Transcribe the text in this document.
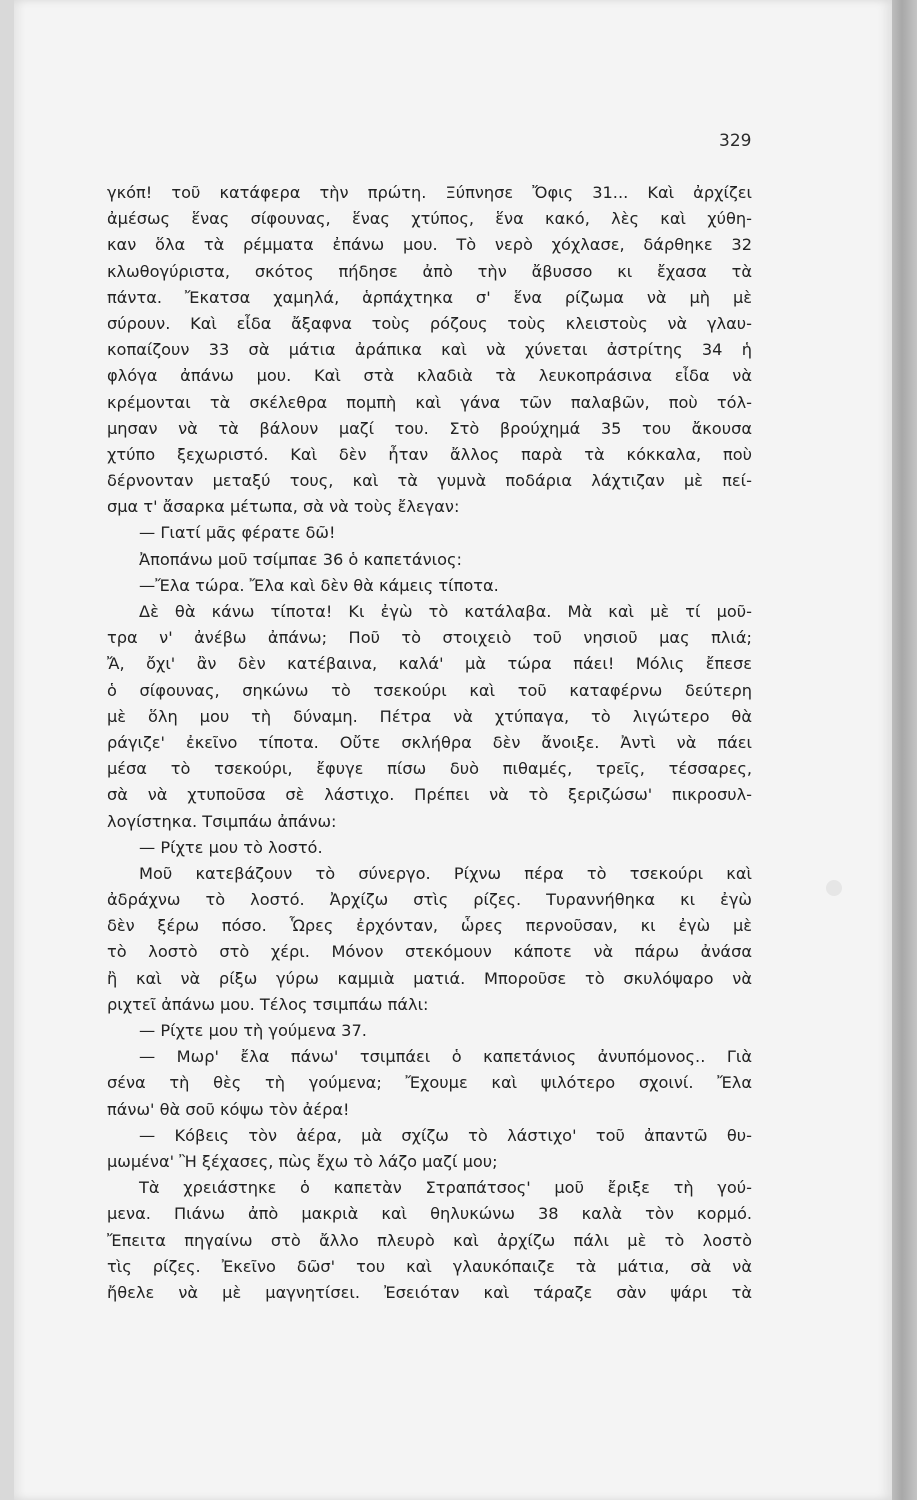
329
γκόπ! τοῦ κατάφερα τὴν πρώτη. Ξύπνησε Ὄφις 31... Καὶ ἀρχίζει
ἀμέσως ἕνας σίφουνας, ἕνας χτύπος, ἕνα κακό, λὲς καὶ χύθη-
καν ὅλα τὰ ρέμματα ἐπάνω μου. Τὸ νερὸ χόχλασε, δάρθηκε 32
κλωθογύριστα, σκότος πήδησε ἀπὸ τὴν ἄβυσσο κι ἔχασα τὰ
πάντα. Ἔκατσα χαμηλά, ἁρπάχτηκα σ' ἕνα ρίζωμα νὰ μὴ μὲ
σύρουν. Καὶ εἶδα ἄξαφνα τοὺς ρόζους τοὺς κλειστοὺς νὰ γλαυ-
κοπαίζουν 33 σὰ μάτια ἀράπικα καὶ νὰ χύνεται ἀστρίτης 34 ἡ
φλόγα ἀπάνω μου. Καὶ στὰ κλαδιὰ τὰ λευκοπράσινα εἶδα νὰ
κρέμονται τὰ σκέλεθρα πομπὴ καὶ γάνα τῶν παλαβῶν, ποὺ τόλ-
μησαν νὰ τὰ βάλουν μαζί του. Στὸ βρούχημά 35 του ἄκουσα
χτύπο ξεχωριστό. Καὶ δὲν ἦταν ἄλλος παρὰ τὰ κόκκαλα, ποὺ
δέρνονταν μεταξύ τους, καὶ τὰ γυμνὰ ποδάρια λάχτιζαν μὲ πεί-
σμα τ' ἄσαρκα μέτωπα, σὰ νὰ τοὺς ἔλεγαν:
— Γιατί μᾶς φέρατε δῶ!
Ἀποπάνω μοῦ τσίμπαε 36 ὁ καπετάνιος:
—Ἔλα τώρα. Ἔλα καὶ δὲν θὰ κάμεις τίποτα.
Δὲ θὰ κάνω τίποτα! Κι ἐγὼ τὸ κατάλαβα. Μὰ καὶ μὲ τί μοῦ-
τρα ν' ἀνέβω ἀπάνω; Ποῦ τὸ στοιχειὸ τοῦ νησιοῦ μας πλιά;
Ἄ, ὄχι' ἂν δὲν κατέβαινα, καλά' μὰ τώρα πάει! Μόλις ἔπεσε
ὁ σίφουνας, σηκώνω τὸ τσεκούρι καὶ τοῦ καταφέρνω δεύτερη
μὲ ὅλη μου τὴ δύναμη. Πέτρα νὰ χτύπαγα, τὸ λιγώτερο θὰ
ράγιζε' ἐκεῖνο τίποτα. Οὔτε σκλήθρα δὲν ἄνοιξε. Ἀντὶ νὰ πάει
μέσα τὸ τσεκούρι, ἔφυγε πίσω δυὸ πιθαμές, τρεῖς, τέσσαρες,
σὰ νὰ χτυποῦσα σὲ λάστιχο. Πρέπει νὰ τὸ ξεριζώσω' πικροσυλ-
λογίστηκα. Τσιμπάω ἀπάνω:
— Ρίχτε μου τὸ λοστό.
Μοῦ κατεβάζουν τὸ σύνεργο. Ρίχνω πέρα τὸ τσεκούρι καὶ
ἀδράχνω τὸ λοστό. Ἀρχίζω στὶς ρίζες. Τυραννήθηκα κι ἐγὼ
δὲν ξέρω πόσο. Ὧρες ἐρχόνταν, ὧρες περνοῦσαν, κι ἐγὼ μὲ
τὸ λοστὸ στὸ χέρι. Μόνον στεκόμουν κάποτε νὰ πάρω ἀνάσα
ἢ καὶ νὰ ρίξω γύρω καμμιὰ ματιά. Μποροῦσε τὸ σκυλόψαρο νὰ
ριχτεῖ ἀπάνω μου. Τέλος τσιμπάω πάλι:
— Ρίχτε μου τὴ γούμενα 37.
— Μωρ' ἔλα πάνω' τσιμπάει ὁ καπετάνιος ἀνυπόμονος.. Γιὰ
σένα τὴ θὲς τὴ γούμενα; Ἔχουμε καὶ ψιλότερο σχοινί. Ἔλα
πάνω' θὰ σοῦ κόψω τὸν ἀέρα!
— Κόβεις τὸν ἀέρα, μὰ σχίζω τὸ λάστιχο' τοῦ ἀπαντῶ θυ-
μωμένα' Ἢ ξέχασες, πὼς ἔχω τὸ λάζο μαζί μου;
Τὰ χρειάστηκε ὁ καπετὰν Στραπάτσος' μοῦ ἔριξε τὴ γού-
μενα. Πιάνω ἀπὸ μακριὰ καὶ θηλυκώνω 38 καλὰ τὸν κορμό.
Ἔπειτα πηγαίνω στὸ ἄλλο πλευρὸ καὶ ἀρχίζω πάλι μὲ τὸ λοστὸ
τὶς ρίζες. Ἐκεῖνο δῶσ' του καὶ γλαυκόπαιζε τὰ μάτια, σὰ νὰ
ἤθελε νὰ μὲ μαγνητίσει. Ἐσειόταν καὶ τάραζε σὰν ψάρι τὰ
